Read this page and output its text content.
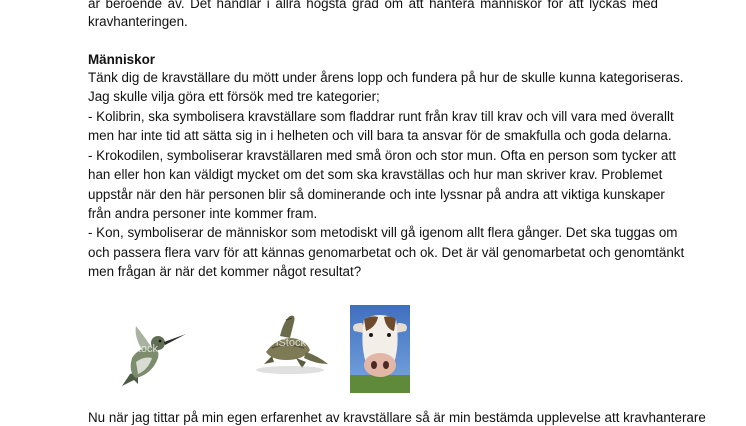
är beroende av. Det handlar i allra högsta grad om att hantera människor för att lyckas med
kravhanteringen.
Människor
Tänk dig de kravställare du mött under årens lopp och fundera på hur de skulle kunna kategoriseras.
Jag skulle vilja göra ett försök med tre kategorier;
- Kolibrin, ska symbolisera kravställare som fladdrar runt från krav till krav och vill vara med överallt
men har inte tid att sätta sig in i helheten och vill bara ta ansvar för de smakfulla och goda delarna.
- Krokodilen, symboliserar kravställaren med små öron och stor mun. Ofta en person som tycker att
han eller hon kan väldigt mycket om det som ska kravställas och hur man skriver krav. Problemet
uppstår när den här personen blir så dominerande och inte lyssnar på andra att viktiga kunskaper
från andra personer inte kommer fram.
- Kon, symboliserar de människor som metodiskt vill gå igenom allt flera gånger. Det ska tuggas om
och passera flera varv för att kännas genomarbetat och ok. Det är väl genomarbetat och genomtänkt
men frågan är när det kommer något resultat?
iStock	iStock
Nu när jag tittar på min egen erfarenhet av kravställare så är min bestämda upplevelse att kravhanterare
